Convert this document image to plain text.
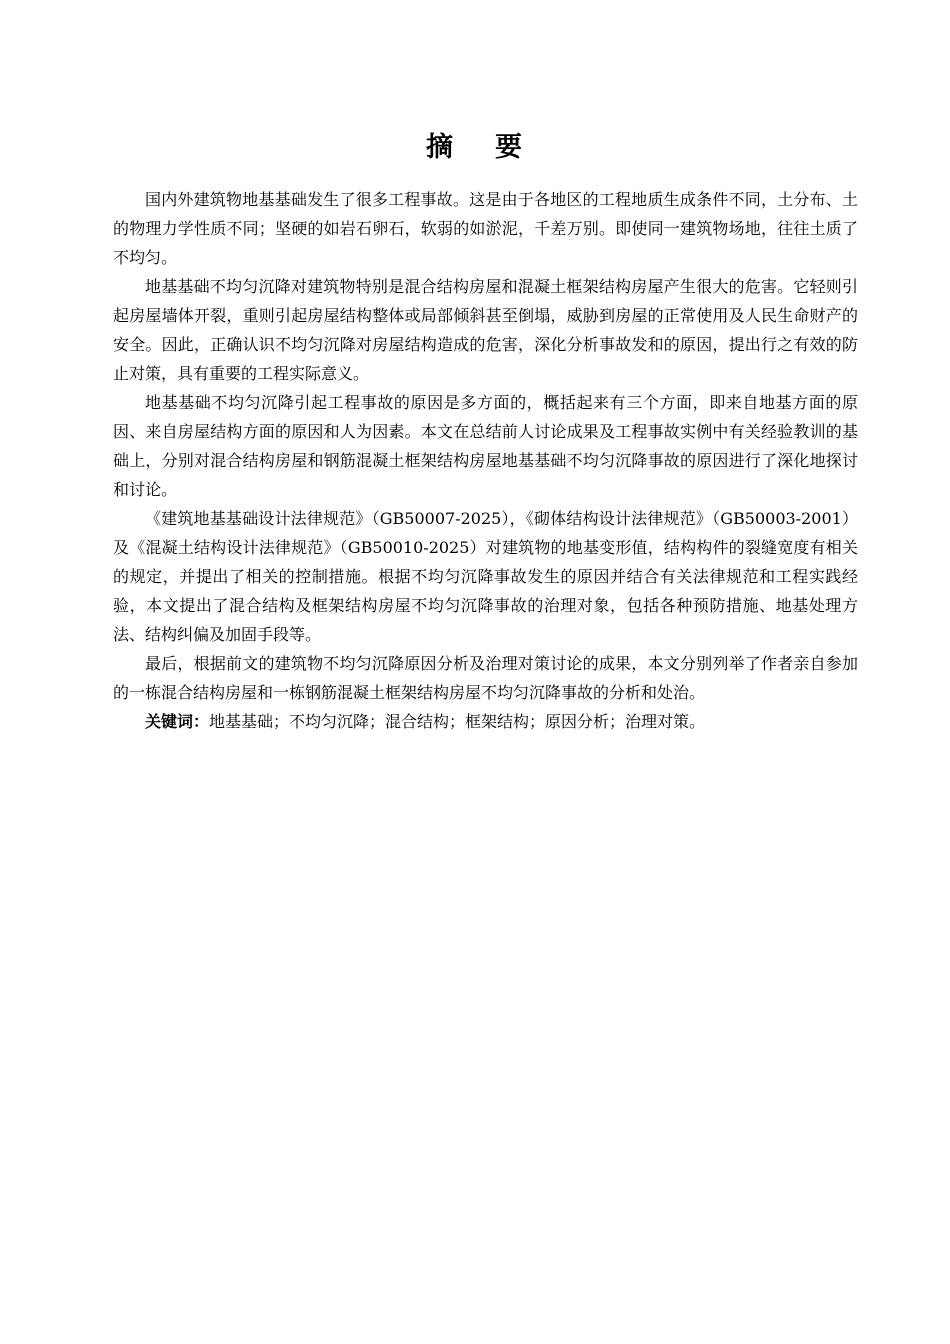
摘 要

国内外建筑物地基基础发生了很多工程事故。这是由于各地区的工程地质生成条件不同，土分布、土的物理力学性质不同；坚硬的如岩石卵石，软弱的如淤泥，千差万别。即使同一建筑物场地，往往土质了不均匀。

地基基础不均匀沉降对建筑物特别是混合结构房屋和混凝土框架结构房屋产生很大的危害。它轻则引起房屋墙体开裂，重则引起房屋结构整体或局部倾斜甚至倒塌，威胁到房屋的正常使用及人民生命财产的安全。因此，正确认识不均匀沉降对房屋结构造成的危害，深化分析事故发和的原因，提出行之有效的防止对策，具有重要的工程实际意义。

地基基础不均匀沉降引起工程事故的原因是多方面的，概括起来有三个方面，即来自地基方面的原因、来自房屋结构方面的原因和人为因素。本文在总结前人讨论成果及工程事故实例中有关经验教训的基础上，分别对混合结构房屋和钢筋混凝土框架结构房屋地基基础不均匀沉降事故的原因进行了深化地探讨和讨论。

《建筑地基基础设计法律规范》（GB50007-2025），《砌体结构设计法律规范》（GB50003-2001）及《混凝土结构设计法律规范》（GB50010-2025）对建筑物的地基变形值，结构构件的裂缝宽度有相关的规定，并提出了相关的控制措施。根据不均匀沉降事故发生的原因并结合有关法律规范和工程实践经验，本文提出了混合结构及框架结构房屋不均匀沉降事故的治理对象，包括各种预防措施、地基处理方法、结构纠偏及加固手段等。

最后，根据前文的建筑物不均匀沉降原因分析及治理对策讨论的成果，本文分别列举了作者亲自参加的一栋混合结构房屋和一栋钢筋混凝土框架结构房屋不均匀沉降事故的分析和处治。

关键词：地基基础；不均匀沉降；混合结构；框架结构；原因分析；治理对策。
